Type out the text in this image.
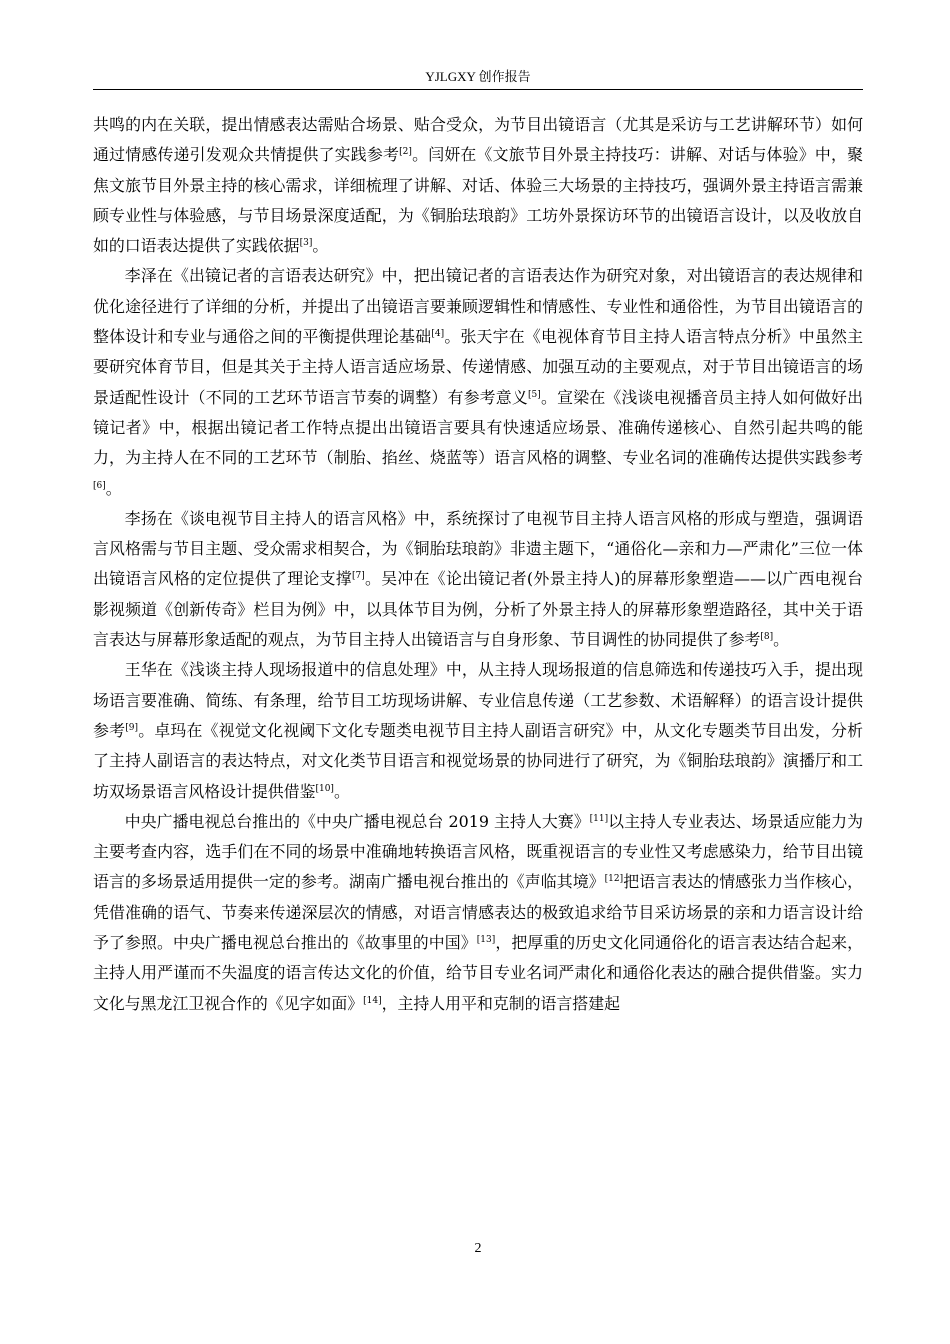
YJLGXY 创作报告

共鸣的内在关联，提出情感表达需贴合场景、贴合受众，为节目出镜语言（尤其是采访与工艺讲解环节）如何通过情感传递引发观众共情提供了实践参考[2]。闫妍在《文旅节目外景主持技巧：讲解、对话与体验》中，聚焦文旅节目外景主持的核心需求，详细梳理了讲解、对话、体验三大场景的主持技巧，强调外景主持语言需兼顾专业性与体验感，与节目场景深度适配，为《铜胎珐琅韵》工坊外景探访环节的出镜语言设计，以及收放自如的口语表达提供了实践依据[3]。

李泽在《出镜记者的言语表达研究》中，把出镜记者的言语表达作为研究对象，对出镜语言的表达规律和优化途径进行了详细的分析，并提出了出镜语言要兼顾逻辑性和情感性、专业性和通俗性，为节目出镜语言的整体设计和专业与通俗之间的平衡提供理论基础[4]。张天宇在《电视体育节目主持人语言特点分析》中虽然主要研究体育节目，但是其关于主持人语言适应场景、传递情感、加强互动的主要观点，对于节目出镜语言的场景适配性设计（不同的工艺环节语言节奏的调整）有参考意义[5]。宣梁在《浅谈电视播音员主持人如何做好出镜记者》中，根据出镜记者工作特点提出出镜语言要具有快速适应场景、准确传递核心、自然引起共鸣的能力，为主持人在不同的工艺环节（制胎、掐丝、烧蓝等）语言风格的调整、专业名词的准确传达提供实践参考[6]。

李扬在《谈电视节目主持人的语言风格》中，系统探讨了电视节目主持人语言风格的形成与塑造，强调语言风格需与节目主题、受众需求相契合，为《铜胎珐琅韵》非遗主题下，“通俗化—亲和力—严肃化”三位一体出镜语言风格的定位提供了理论支撑[7]。吴冲在《论出镜记者(外景主持人)的屏幕形象塑造——以广西电视台影视频道《创新传奇》栏目为例》中，以具体节目为例，分析了外景主持人的屏幕形象塑造路径，其中关于语言表达与屏幕形象适配的观点，为节目主持人出镜语言与自身形象、节目调性的协同提供了参考[8]。

王华在《浅谈主持人现场报道中的信息处理》中，从主持人现场报道的信息筛选和传递技巧入手，提出现场语言要准确、简练、有条理，给节目工坊现场讲解、专业信息传递（工艺参数、术语解释）的语言设计提供参考[9]。卓玛在《视觉文化视阈下文化专题类电视节目主持人副语言研究》中，从文化专题类节目出发，分析了主持人副语言的表达特点，对文化类节目语言和视觉场景的协同进行了研究，为《铜胎珐琅韵》演播厅和工坊双场景语言风格设计提供借鉴[10]。

中央广播电视总台推出的《中央广播电视总台 2019 主持人大赛》[11]以主持人专业表达、场景适应能力为主要考查内容，选手们在不同的场景中准确地转换语言风格，既重视语言的专业性又考虑感染力，给节目出镜语言的多场景适用提供一定的参考。湖南广播电视台推出的《声临其境》[12]把语言表达的情感张力当作核心，凭借准确的语气、节奏来传递深层次的情感，对语言情感表达的极致追求给节目采访场景的亲和力语言设计给予了参照。中央广播电视总台推出的《故事里的中国》[13]，把厚重的历史文化同通俗化的语言表达结合起来，主持人用严谨而不失温度的语言传达文化的价值，给节目专业名词严肃化和通俗化表达的融合提供借鉴。实力文化与黑龙江卫视合作的《见字如面》[14]，主持人用平和克制的语言搭建起

2
